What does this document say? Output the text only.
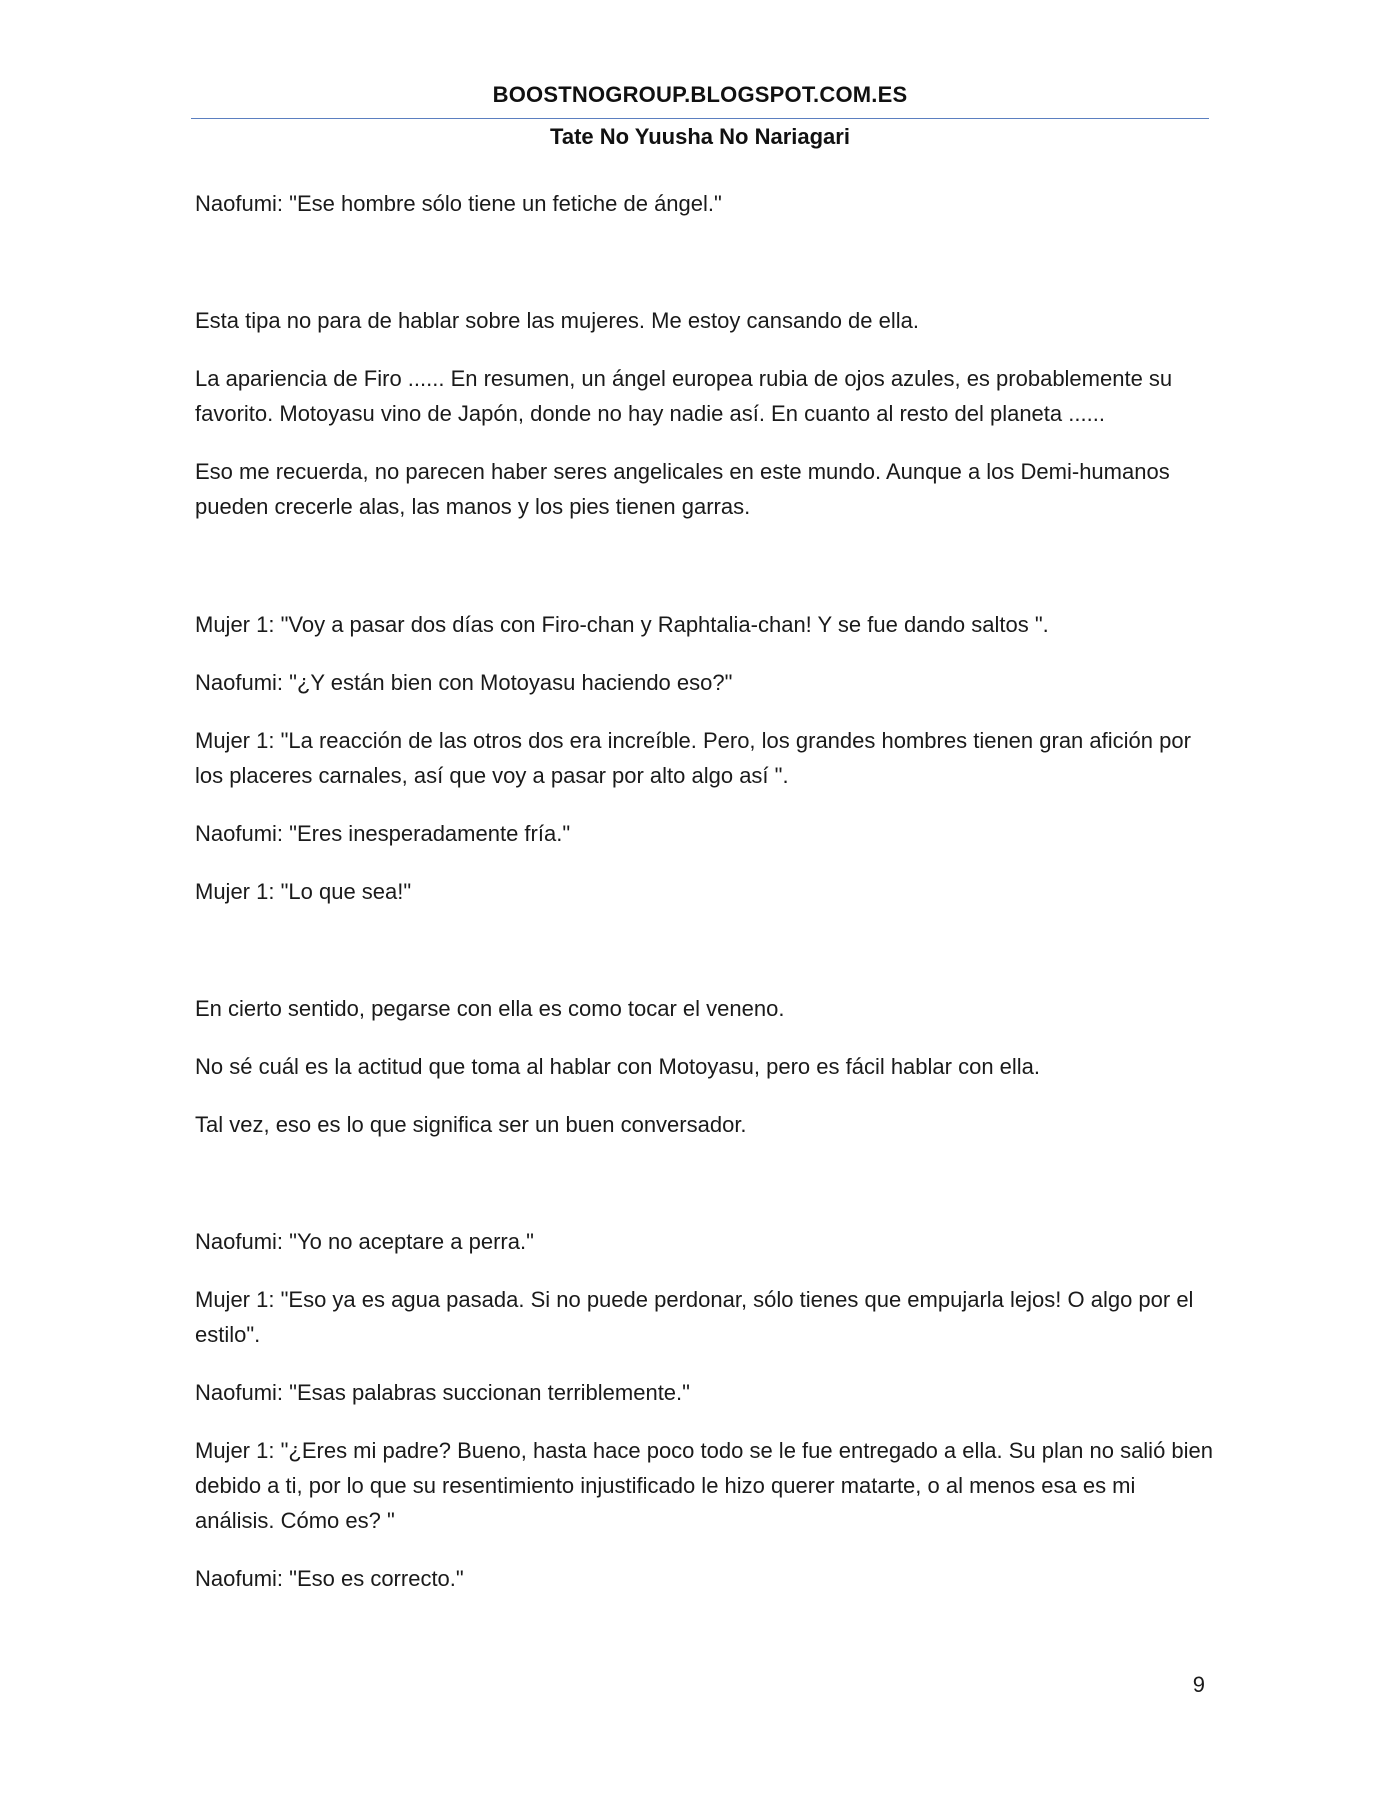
BOOSTNOGROUP.BLOGSPOT.COM.ES
Tate No Yuusha No Nariagari

Naofumi: "Ese hombre sólo tiene un fetiche de ángel."

Esta tipa no para de hablar sobre las mujeres. Me estoy cansando de ella.

La apariencia de Firo ...... En resumen, un ángel europea rubia de ojos azules, es probablemente su favorito. Motoyasu vino de Japón, donde no hay nadie así. En cuanto al resto del planeta ......

Eso me recuerda, no parecen haber seres angelicales en este mundo. Aunque a los Demi-humanos pueden crecerle alas, las manos y los pies tienen garras.

Mujer 1: "Voy a pasar dos días con Firo-chan y Raphtalia-chan! Y se fue dando saltos ".

Naofumi: "¿Y están bien con Motoyasu haciendo eso?"

Mujer 1: "La reacción de las otros dos era increíble. Pero, los grandes hombres tienen gran afición por los placeres carnales, así que voy a pasar por alto algo así ".

Naofumi: "Eres inesperadamente fría."

Mujer 1: "Lo que sea!"

En cierto sentido, pegarse con ella es como tocar el veneno.

No sé cuál es la actitud que toma al hablar con Motoyasu, pero es fácil hablar con ella.

Tal vez, eso es lo que significa ser un buen conversador.

Naofumi: "Yo no aceptare a perra."

Mujer 1: "Eso ya es agua pasada. Si no puede perdonar, sólo tienes que empujarla lejos! O algo por el estilo".

Naofumi: "Esas palabras succionan terriblemente."

Mujer 1: "¿Eres mi padre? Bueno, hasta hace poco todo se le fue entregado a ella. Su plan no salió bien debido a ti, por lo que su resentimiento injustificado le hizo querer matarte, o al menos esa es mi análisis. Cómo es? "

Naofumi: "Eso es correcto."

9
